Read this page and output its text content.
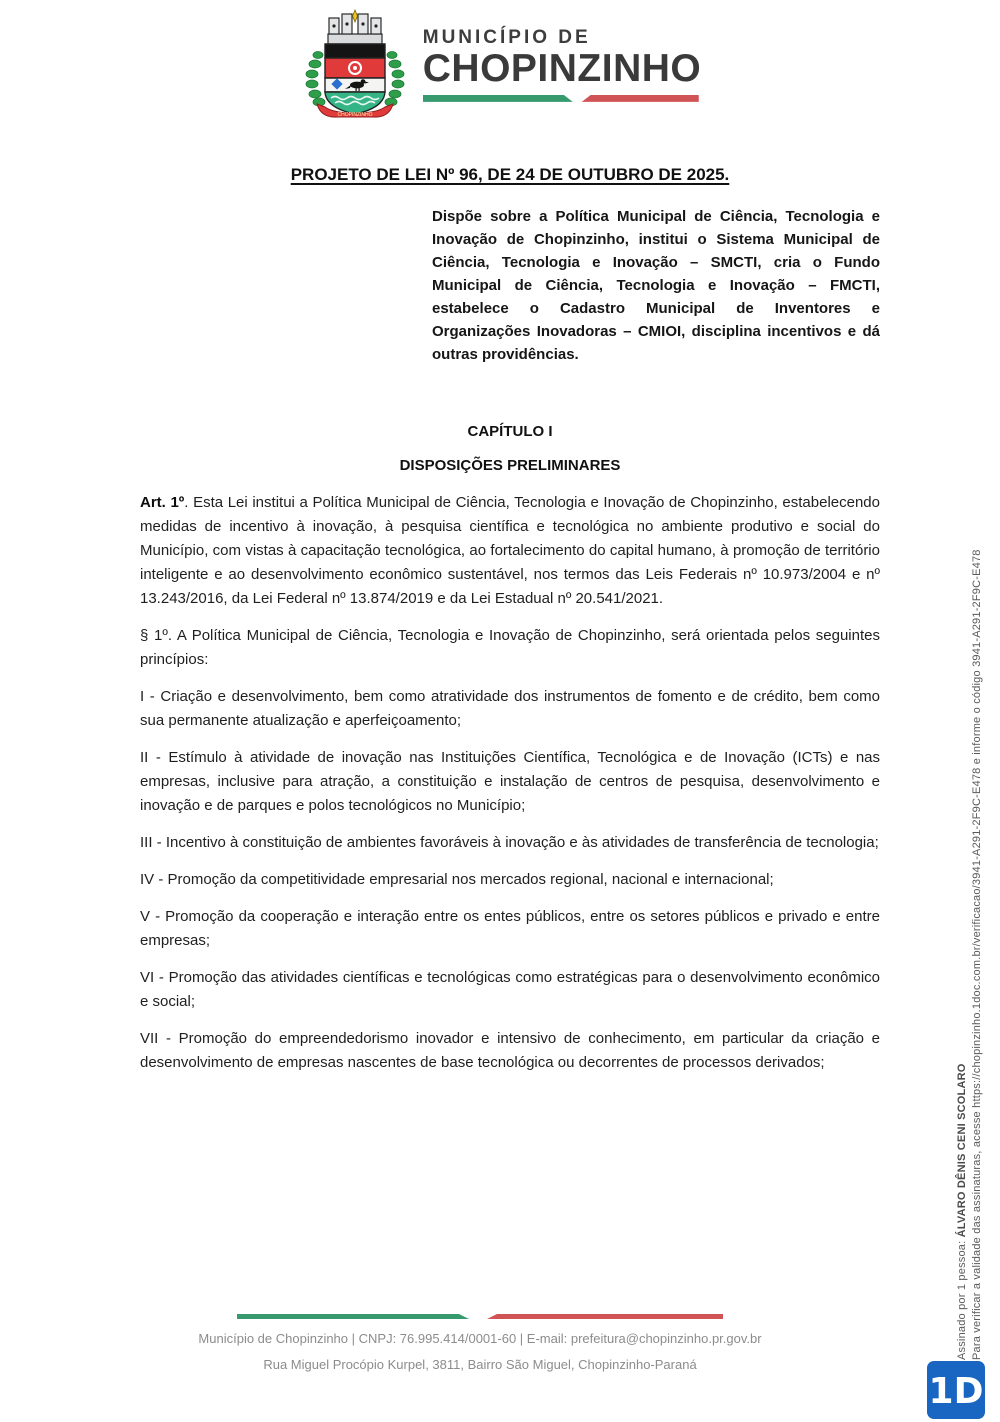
CHOPINZINHO
MUNICÍPIO DE
CHOPINZINHO
PROJETO DE LEI Nº 96, DE 24 DE OUTUBRO DE 2025.

Dispõe sobre a Política Municipal de Ciência, Tecnologia e Inovação de Chopinzinho, institui o Sistema Municipal de Ciência, Tecnologia e Inovação – SMCTI, cria o Fundo Municipal de Ciência, Tecnologia e Inovação – FMCTI, estabelece o Cadastro Municipal de Inventores e Organizações Inovadoras – CMIOI, disciplina incentivos e dá outras providências.

CAPÍTULO I
DISPOSIÇÕES PRELIMINARES

Art. 1º. Esta Lei institui a Política Municipal de Ciência, Tecnologia e Inovação de Chopinzinho, estabelecendo medidas de incentivo à inovação, à pesquisa científica e tecnológica no ambiente produtivo e social do Município, com vistas à capacitação tecnológica, ao fortalecimento do capital humano, à promoção de território inteligente e ao desenvolvimento econômico sustentável, nos termos das Leis Federais nº 10.973/2004 e nº 13.243/2016, da Lei Federal nº 13.874/2019 e da Lei Estadual nº 20.541/2021.

§ 1º. A Política Municipal de Ciência, Tecnologia e Inovação de Chopinzinho, será orientada pelos seguintes princípios:

I - Criação e desenvolvimento, bem como atratividade dos instrumentos de fomento e de crédito, bem como sua permanente atualização e aperfeiçoamento;

II - Estímulo à atividade de inovação nas Instituições Científica, Tecnológica e de Inovação (ICTs) e nas empresas, inclusive para atração, a constituição e instalação de centros de pesquisa, desenvolvimento e inovação e de parques e polos tecnológicos no Município;

III - Incentivo à constituição de ambientes favoráveis à inovação e às atividades de transferência de tecnologia;

IV - Promoção da competitividade empresarial nos mercados regional, nacional e internacional;

V - Promoção da cooperação e interação entre os entes públicos, entre os setores públicos e privado e entre empresas;

VI - Promoção das atividades científicas e tecnológicas como estratégicas para o desenvolvimento econômico e social;

VII - Promoção do empreendedorismo inovador e intensivo de conhecimento, em particular da criação e desenvolvimento de empresas nascentes de base tecnológica ou decorrentes de processos derivados;

Município de Chopinzinho | CNPJ: 76.995.414/0001-60 | E-mail: prefeitura@chopinzinho.pr.gov.br
Rua Miguel Procópio Kurpel, 3811, Bairro São Miguel, Chopinzinho-Paraná
Assinado por 1 pessoa: ÁLVARO DÊNIS CENI SCOLARO Para verificar a validade das assinaturas, acesse https://chopinzinho.1doc.com.br/verificacao/3941-A291-2F9C-E478 e informe o código 3941-A291-2F9C-E478
1D
